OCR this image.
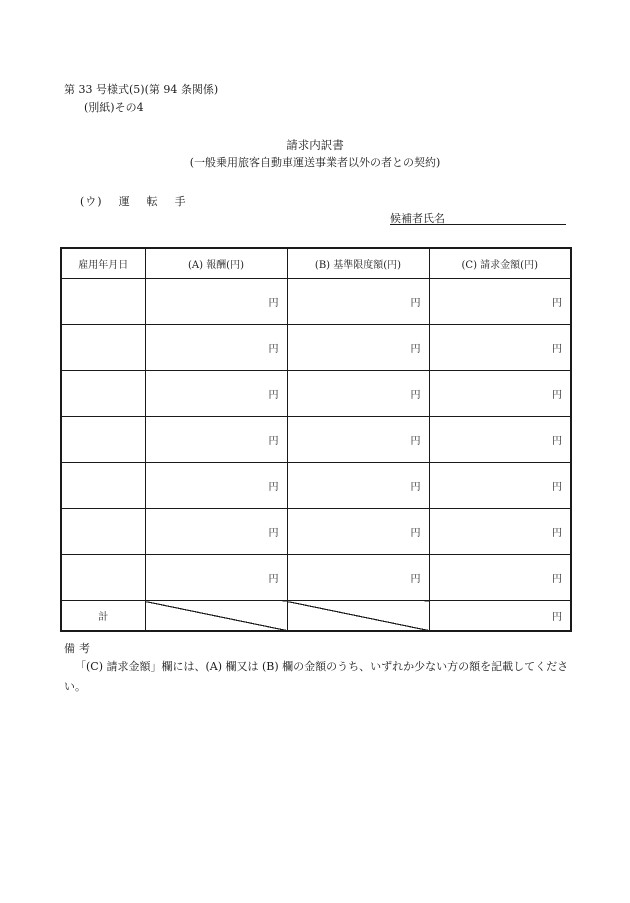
第 33 号様式(5)(第 94 条関係)
(別紙)その4
請求内訳書
(一般乗用旅客自動車運送事業者以外の者との契約)
(ウ) 運 転 手
候補者氏名
雇用年月日	(A) 報酬(円)	(B) 基準限度額(円)	(C) 請求金額(円)
	円	円	円
	円	円	円
	円	円	円
	円	円	円
	円	円	円
	円	円	円
	円	円	円
計			円
備考
「(C) 請求金額」欄には、(A) 欄又は (B) 欄の金額のうち、いずれか少ない方の額を記載してください。
